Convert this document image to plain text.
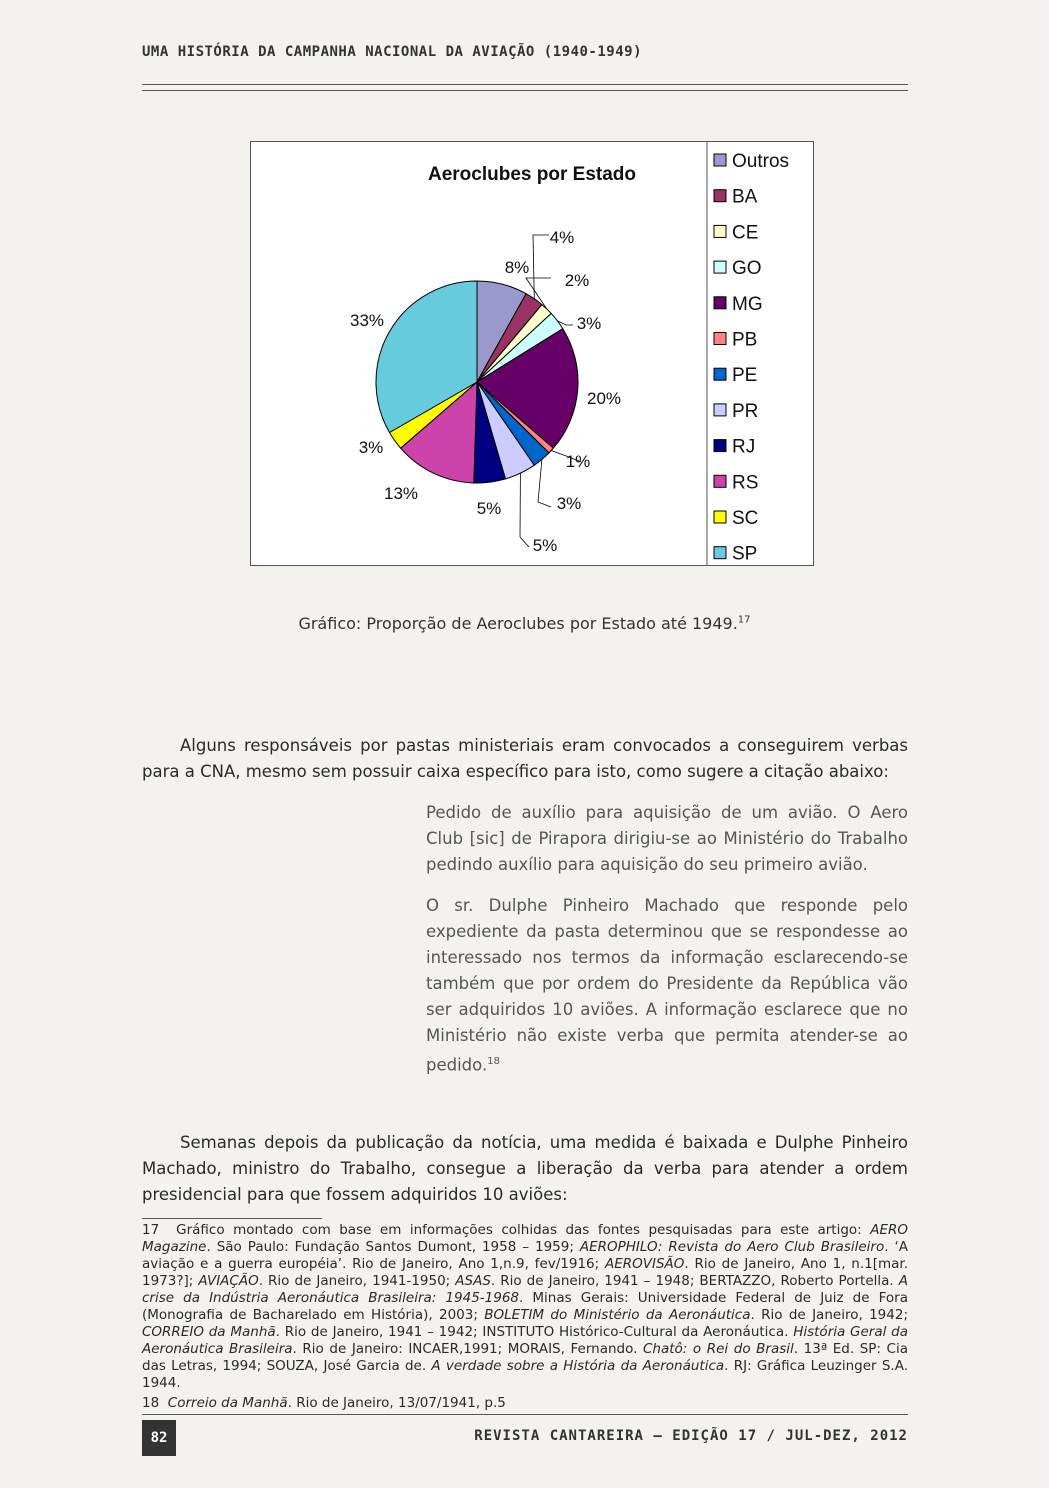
UMA HISTÓRIA DA CAMPANHA NACIONAL DA AVIAÇÃO (1940-1949)
Aeroclubes por Estado
8%
4%
2%
3%
20%
1%
3%
5%
5%
13%
3%
33%
Outros
BA
CE
GO
MG
PB
PE
PR
RJ
RS
SC
SP
Gráfico: Proporção de Aeroclubes por Estado até 1949.17

Alguns responsáveis por pastas ministeriais eram convocados a conseguirem verbas para a CNA, mesmo sem possuir caixa específico para isto, como sugere a citação abaixo:

Pedido de auxílio para aquisição de um avião. O Aero Club [sic] de Pirapora dirigiu-se ao Ministério do Trabalho pedindo auxílio para aquisição do seu primeiro avião.

O sr. Dulphe Pinheiro Machado que responde pelo expediente da pasta determinou que se respondesse ao interessado nos termos da informação esclarecendo-se também que por ordem do Presidente da República vão ser adquiridos 10 aviões. A informação esclarece que no Ministério não existe verba que permita atender-se ao pedido.$^{18}$

Semanas depois da publicação da notícia, uma medida é baixada e Dulphe Pinheiro Machado, ministro do Trabalho, consegue a liberação da verba para atender a ordem presidencial para que fossem adquiridos 10 aviões:

17 Gráfico montado com base em informações colhidas das fontes pesquisadas para este artigo: AERO Magazine. São Paulo: Fundação Santos Dumont, 1958 – 1959; AEROPHILO: Revista do Aero Club Brasileiro. ‘A aviação e a guerra européia’. Rio de Janeiro, Ano 1,n.9, fev/1916; AEROVISÃO. Rio de Janeiro, Ano 1, n.1[mar. 1973?]; AVIAÇÃO. Rio de Janeiro, 1941-1950; ASAS. Rio de Janeiro, 1941 – 1948; BERTAZZO, Roberto Portella. A crise da Indústria Aeronáutica Brasileira: 1945-1968. Minas Gerais: Universidade Federal de Juiz de Fora (Monografia de Bacharelado em História), 2003; BOLETIM do Ministério da Aeronáutica. Rio de Janeiro, 1942; CORREIO da Manhã. Rio de Janeiro, 1941 – 1942; INSTITUTO Histórico-Cultural da Aeronáutica. História Geral da Aeronáutica Brasileira. Rio de Janeiro: INCAER,1991; MORAIS, Fernando. Chatô: o Rei do Brasil. 13ª Ed. SP: Cia das Letras, 1994; SOUZA, José Garcia de. A verdade sobre a História da Aeronáutica. RJ: Gráfica Leuzinger S.A. 1944.

18 Correio da Manhã. Rio de Janeiro, 13/07/1941, p.5

82	REVISTA CANTAREIRA – EDIÇÃO 17 / JUL-DEZ, 2012
